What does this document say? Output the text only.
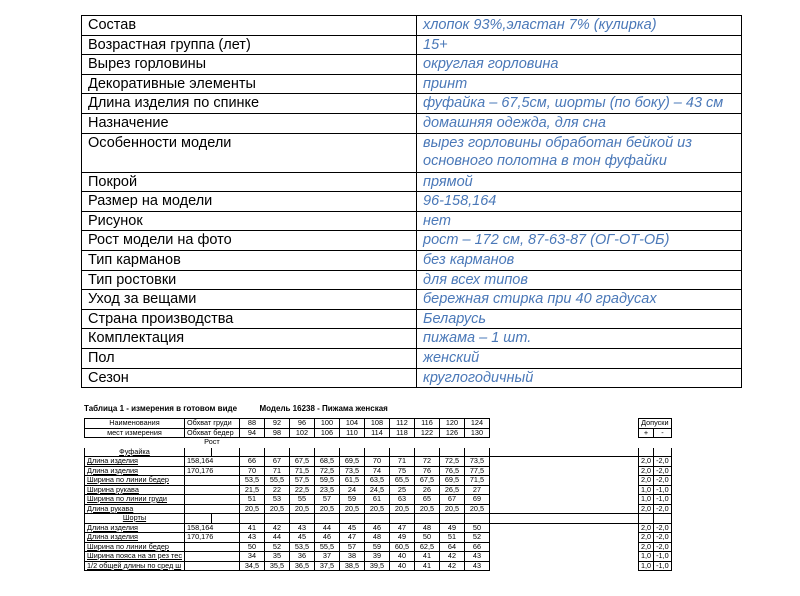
Состав	хлопок 93%,эластан 7% (кулирка)
Возрастная группа (лет)	15+
Вырез горловины	округлая горловина
Декоративные элементы	принт
Длина изделия по спинке	фуфайка – 67,5см, шорты (по боку) – 43 см
Назначение	домашняя одежда, для сна
Особенности модели	вырез горловины обработан бейкой из основного полотна в тон фуфайки
Покрой	прямой
Размер на модели	96-158,164
Рисунок	нет
Рост модели на фото	рост – 172 см, 87-63-87 (ОГ-ОТ-ОБ)
Тип карманов	без карманов
Тип ростовки	для всех типов
Уход за вещами	бережная стирка при 40 градусах
Страна производства	Беларусь
Комплектация	пижама – 1 шт.
Пол	женский
Сезон	круглогодичный
Таблица 1 - измерения в готовом виде	Модель 16238 - Пижама женская
Наименования	Обхват груди		88	92	96	100	104	108	112	116	120	124		Допуски	
мест измерения	Обхват бедер		94	98	102	106	110	114	118	122	126	130		+	-
	Рост														
Фуфайка															
Длина изделия	158,164		66	67	67,5	68,5	69,5	70	71	72	72,5	73,5		2,0	-2,0
Длина изделия	170,176		70	71	71,5	72,5	73,5	74	75	76	76,5	77,5		2,0	-2,0
Ширина по линии бедер			53,5	55,5	57,5	59,5	61,5	63,5	65,5	67,5	69,5	71,5		2,0	-2,0
Ширина рукава			21,5	22	22,5	23,5	24	24,5	25	26	26,5	27		1,0	-1,0
Ширина по линии груди			51	53	55	57	59	61	63	65	67	69		1,0	-1,0
Длина рукава			20,5	20,5	20,5	20,5	20,5	20,5	20,5	20,5	20,5	20,5		2,0	-2,0
Шорты															
Длина изделия	158,164		41	42	43	44	45	46	47	48	49	50		2,0	-2,0
Длина изделия	170,176		43	44	45	46	47	48	49	50	51	52		2,0	-2,0
Ширина по линии бедер			50	52	53,5	55,5	57	59	60,5	62,5	64	66		2,0	-2,0
Ширина пояса на эл рез тес			34	35	36	37	38	39	40	41	42	43		1,0	-1,0
1/2 общей длины по сред ш			34,5	35,5	36,5	37,5	38,5	39,5	40	41	42	43		1,0	-1,0
